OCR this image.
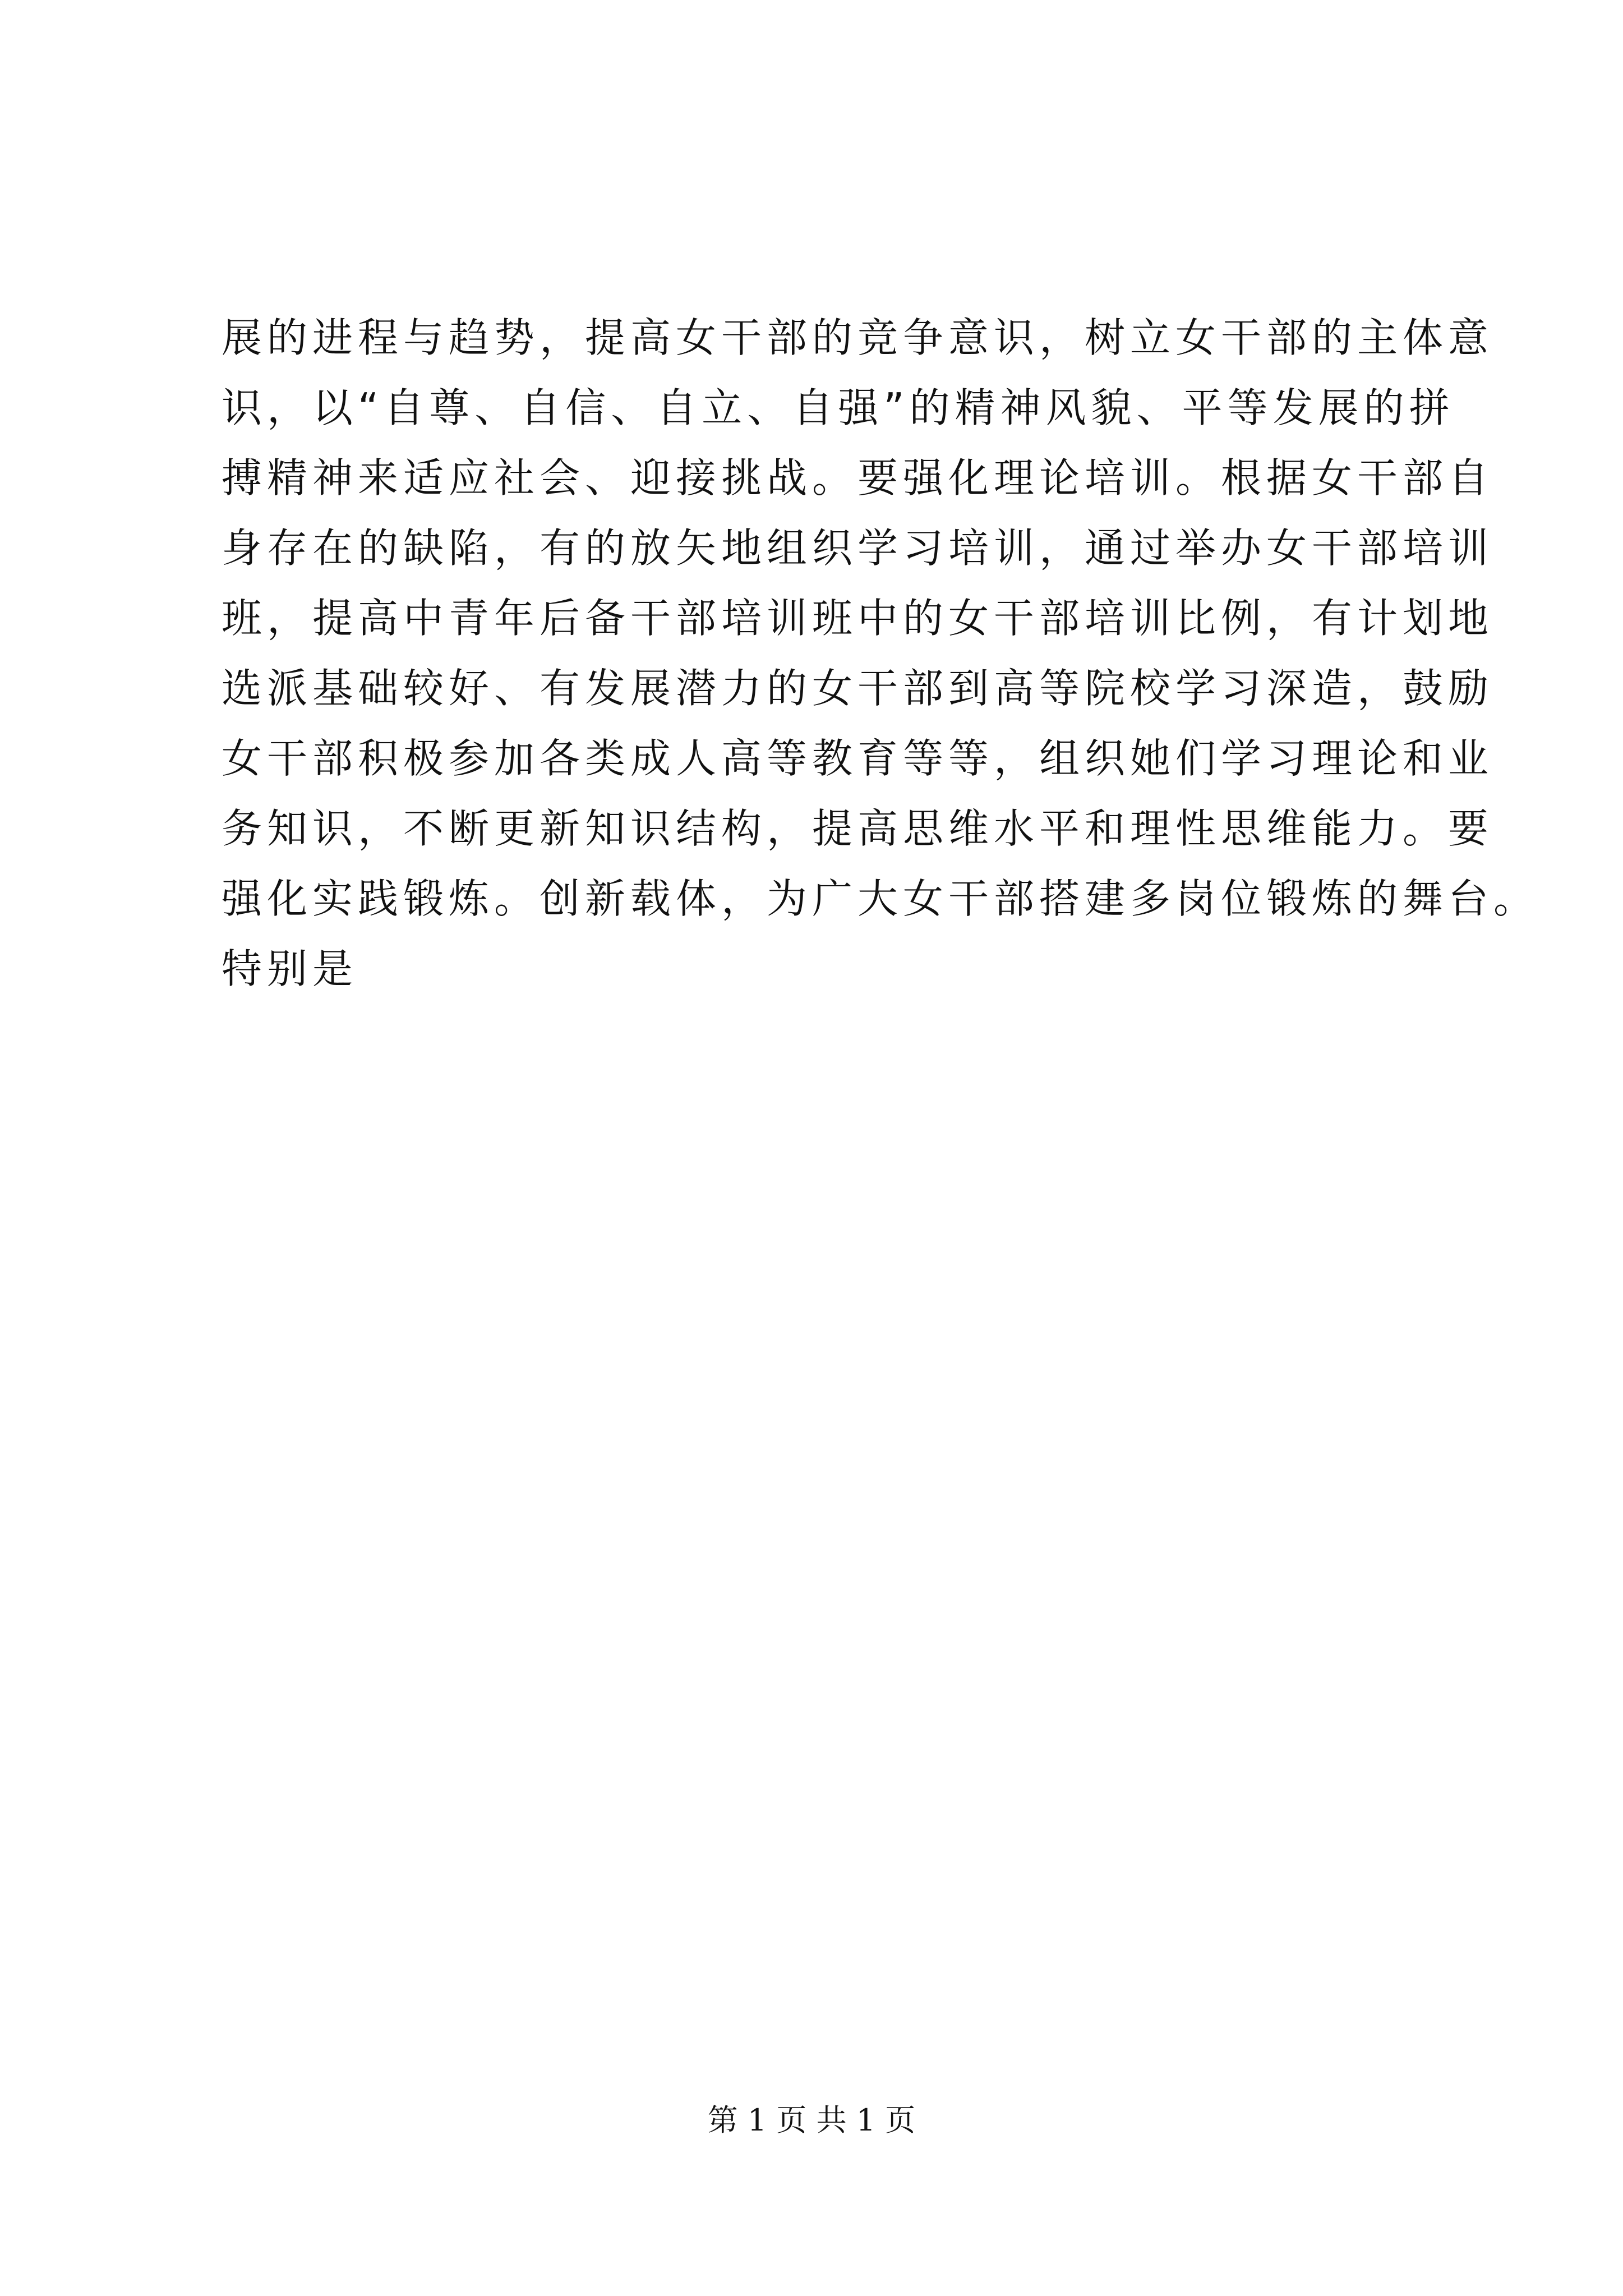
展的进程与趋势，提高女干部的竞争意识，树立女干部的主体意
识，以“自尊、自信、自立、自强”的精神风貌、平等发展的拼
搏精神来适应社会、迎接挑战。要强化理论培训。根据女干部自
身存在的缺陷，有的放矢地组织学习培训，通过举办女干部培训
班，提高中青年后备干部培训班中的女干部培训比例，有计划地
选派基础较好、有发展潜力的女干部到高等院校学习深造，鼓励
女干部积极参加各类成人高等教育等等，组织她们学习理论和业
务知识，不断更新知识结构，提高思维水平和理性思维能力。要
强化实践锻炼。创新载体，为广大女干部搭建多岗位锻炼的舞台。
特别是
第 1 页 共 1 页
